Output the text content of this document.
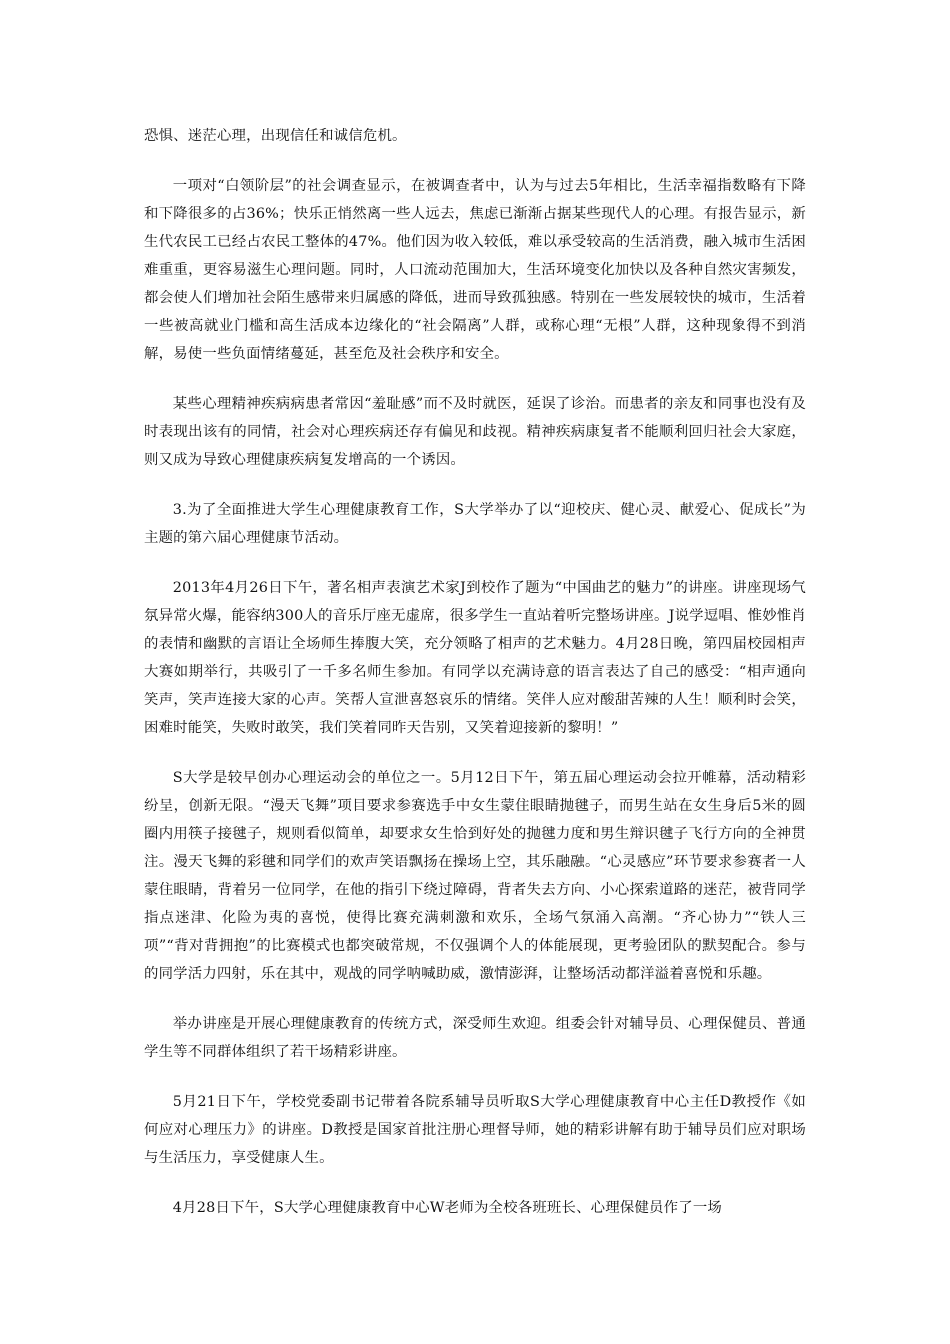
恐惧、迷茫心理，出现信任和诚信危机。

一项对“白领阶层”的社会调查显示，在被调查者中，认为与过去5年相比，生活幸福指数略有下降和下降很多的占36%；快乐正悄然离一些人远去，焦虑已渐渐占据某些现代人的心理。有报告显示，新生代农民工已经占农民工整体的47%。他们因为收入较低，难以承受较高的生活消费，融入城市生活困难重重，更容易滋生心理问题。同时，人口流动范围加大，生活环境变化加快以及各种自然灾害频发，都会使人们增加社会陌生感带来归属感的降低，进而导致孤独感。特别在一些发展较快的城市，生活着一些被高就业门槛和高生活成本边缘化的“社会隔离”人群，或称心理“无根”人群，这种现象得不到消解，易使一些负面情绪蔓延，甚至危及社会秩序和安全。

某些心理精神疾病病患者常因“羞耻感”而不及时就医，延误了诊治。而患者的亲友和同事也没有及时表现出该有的同情，社会对心理疾病还存有偏见和歧视。精神疾病康复者不能顺利回归社会大家庭，则又成为导致心理健康疾病复发增高的一个诱因。

3.为了全面推进大学生心理健康教育工作，S大学举办了以“迎校庆、健心灵、献爱心、促成长”为主题的第六届心理健康节活动。

2013年4月26日下午，著名相声表演艺术家J到校作了题为“中国曲艺的魅力”的讲座。讲座现场气氛异常火爆，能容纳300人的音乐厅座无虚席，很多学生一直站着听完整场讲座。J说学逗唱、惟妙惟肖的表情和幽默的言语让全场师生捧腹大笑，充分领略了相声的艺术魅力。4月28日晚，第四届校园相声大赛如期举行，共吸引了一千多名师生参加。有同学以充满诗意的语言表达了自己的感受：“相声通向笑声，笑声连接大家的心声。笑帮人宣泄喜怒哀乐的情绪。笑伴人应对酸甜苦辣的人生！顺利时会笑，困难时能笑，失败时敢笑，我们笑着同昨天告别，又笑着迎接新的黎明！”

S大学是较早创办心理运动会的单位之一。5月12日下午，第五届心理运动会拉开帷幕，活动精彩纷呈，创新无限。“漫天飞舞”项目要求参赛选手中女生蒙住眼睛抛毽子，而男生站在女生身后5米的圆圈内用筷子接毽子，规则看似简单，却要求女生恰到好处的抛毽力度和男生辩识毽子飞行方向的全神贯注。漫天飞舞的彩毽和同学们的欢声笑语飘扬在操场上空，其乐融融。“心灵感应”环节要求参赛者一人蒙住眼睛，背着另一位同学，在他的指引下绕过障碍，背者失去方向、小心探索道路的迷茫，被背同学指点迷津、化险为夷的喜悦，使得比赛充满刺激和欢乐，全场气氛涌入高潮。“齐心协力”“铁人三项”“背对背拥抱”的比赛模式也都突破常规，不仅强调个人的体能展现，更考验团队的默契配合。参与的同学活力四射，乐在其中，观战的同学呐喊助威，激情澎湃，让整场活动都洋溢着喜悦和乐趣。

举办讲座是开展心理健康教育的传统方式，深受师生欢迎。组委会针对辅导员、心理保健员、普通学生等不同群体组织了若干场精彩讲座。

5月21日下午，学校党委副书记带着各院系辅导员听取S大学心理健康教育中心主任D教授作《如何应对心理压力》的讲座。D教授是国家首批注册心理督导师，她的精彩讲解有助于辅导员们应对职场与生活压力，享受健康人生。

4月28日下午，S大学心理健康教育中心W老师为全校各班班长、心理保健员作了一场
